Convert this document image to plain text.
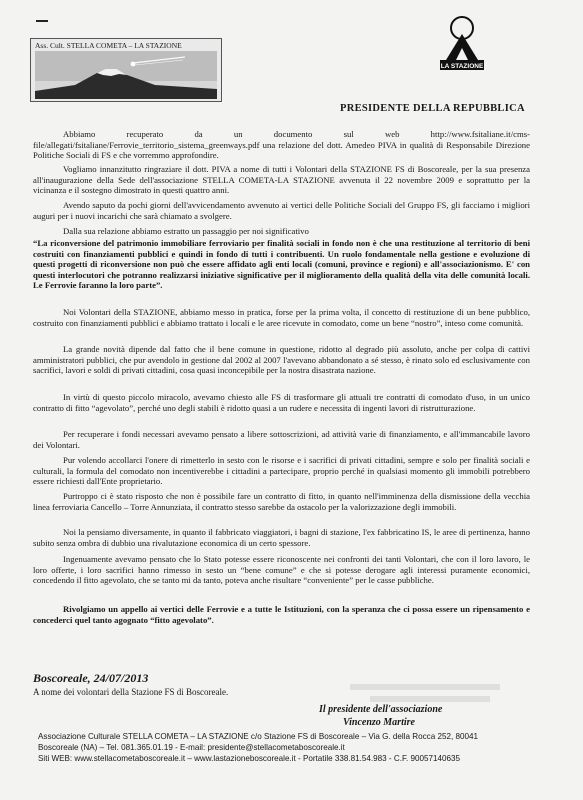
Ass. Cult. STELLA COMETA – LA STAZIONE
LA STAZIONE
PRESIDENTE DELLA REPUBBLICA

Abbiamo recuperato da un documento sul web http://www.fsitaliane.it/cms-file/allegati/fsitaliane/Ferrovie_territorio_sistema_greenways.pdf una relazione del dott. Amedeo PIVA in qualità di Responsabile Direzione Politiche Sociali di FS e che vorremmo approfondire.

Vogliamo innanzitutto ringraziare il dott. PIVA a nome di tutti i Volontari della STAZIONE FS di Boscoreale, per la sua presenza all'inaugurazione della Sede dell'associazione STELLA COMETA-LA STAZIONE avvenuta il 22 novembre 2009 e soprattutto per la vicinanza e il sostegno dimostrato in questi quattro anni.

Avendo saputo da pochi giorni dell'avvicendamento avvenuto ai vertici delle Politiche Sociali del Gruppo FS, gli facciamo i migliori auguri per i nuovi incarichi che sarà chiamato a svolgere.

Dalla sua relazione abbiamo estratto un passaggio per noi significativo

“La riconversione del patrimonio immobiliare ferroviario per finalità sociali in fondo non è che una restituzione al territorio di beni costruiti con finanziamenti pubblici e quindi in fondo di tutti i contribuenti. Un ruolo fondamentale nella gestione e evoluzione di questi progetti di riconversione non può che essere affidato agli enti locali (comuni, province e regioni) e all'associazionismo. E' con questi interlocutori che potranno realizzarsi iniziative significative per il miglioramento della qualità della vita delle comunità locali. Le Ferrovie faranno la loro parte”.

Noi Volontari della STAZIONE, abbiamo messo in pratica, forse per la prima volta, il concetto di restituzione di un bene pubblico, costruito con finanziamenti pubblici e abbiamo trattato i locali e le aree ricevute in comodato, come un bene “nostro”, inteso come comunità.

La grande novità dipende dal fatto che il bene comune in questione, ridotto al degrado più assoluto, anche per colpa di cattivi amministratori pubblici, che pur avendolo in gestione dal 2002 al 2007 l'avevano abbandonato a sé stesso, è rinato solo ed esclusivamente con sacrifici, lavori e soldi di privati cittadini, cosa quasi inconcepibile per la nostra disastrata nazione.

In virtù di questo piccolo miracolo, avevamo chiesto alle FS di trasformare gli attuali tre contratti di comodato d'uso, in un unico contratto di fitto “agevolato”, perché uno degli stabili è ridotto quasi a un rudere e necessita di ingenti lavori di ristrutturazione.

Per recuperare i fondi necessari avevamo pensato a libere sottoscrizioni, ad attività varie di finanziamento, e all'immancabile lavoro dei Volontari.

Pur volendo accollarci l'onere di rimetterlo in sesto con le risorse e i sacrifici di privati cittadini, sempre e solo per finalità sociali e culturali, la formula del comodato non incentiverebbe i cittadini a partecipare, proprio perché in qualsiasi momento gli immobili potrebbero essere richiesti dall'Ente proprietario.

Purtroppo ci è stato risposto che non è possibile fare un contratto di fitto, in quanto nell'imminenza della dismissione della vecchia linea ferroviaria Cancello – Torre Annunziata, il contratto stesso sarebbe da ostacolo per la valorizzazione degli immobili.

Noi la pensiamo diversamente, in quanto il fabbricato viaggiatori, i bagni di stazione, l'ex fabbricatino IS, le aree di pertinenza, hanno subito senza ombra di dubbio una rivalutazione economica di un certo spessore.

Ingenuamente avevamo pensato che lo Stato potesse essere riconoscente nei confronti dei tanti Volontari, che con il loro lavoro, le loro offerte, i loro sacrifici hanno rimesso in sesto un “bene comune” e che si potesse derogare agli interessi puramente economici, concedendo il fitto agevolato, che se tanto mi da tanto, poteva anche risultare “conveniente” per le casse pubbliche.

Rivolgiamo un appello ai vertici delle Ferrovie e a tutte le Istituzioni, con la speranza che ci possa essere un ripensamento e concederci quel tanto agognato “fitto agevolato”.

Boscoreale, 24/07/2013
A nome dei volontari della Stazione FS di Boscoreale.
Il presidente dell'associazione
Vincenzo Martire
Associazione Culturale STELLA COMETA – LA STAZIONE c/o Stazione FS di Boscoreale – Via G. della Rocca 252, 80041
Boscoreale (NA) – Tel. 081.365.01.19 - E-mail: presidente@stellacometaboscoreale.it
Siti WEB: www.stellacometaboscoreale.it – www.lastazioneboscoreale.it - Portatile 338.81.54.983 - C.F. 90057140635
